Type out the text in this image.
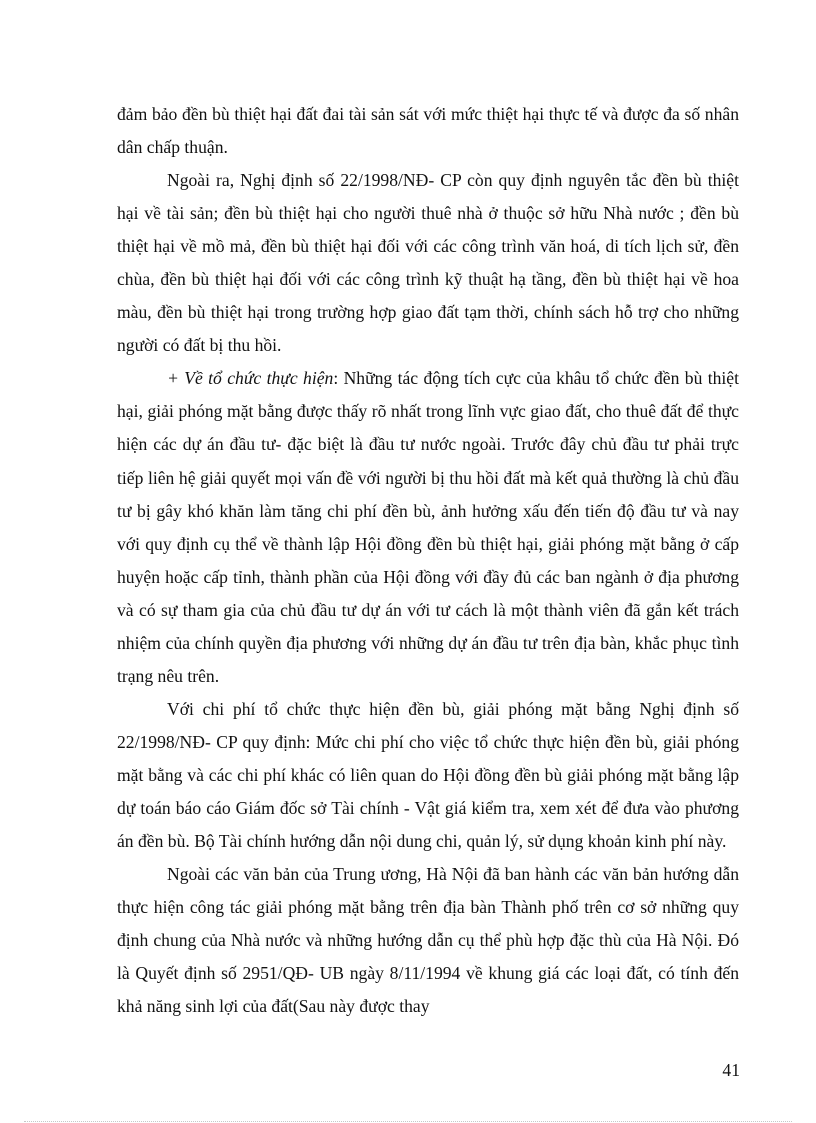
đảm bảo đền bù thiệt hại đất đai tài sản sát với mức thiệt hại thực tế và được đa số nhân dân chấp thuận.

Ngoài ra, Nghị định số 22/1998/NĐ- CP còn quy định nguyên tắc đền bù thiệt hại về tài sản; đền bù thiệt hại cho người thuê nhà ở thuộc sở hữu Nhà nước ; đền bù thiệt hại về mồ mả, đền bù thiệt hại đối với các công trình văn hoá, di tích lịch sử, đền chùa, đền bù thiệt hại đối với các công trình kỹ thuật hạ tầng, đền bù thiệt hại về hoa màu, đền bù thiệt hại trong trường hợp giao đất tạm thời, chính sách hỗ trợ cho những người có đất bị thu hồi.

+ Về tổ chức thực hiện: Những tác động tích cực của khâu tổ chức đền bù thiệt hại, giải phóng mặt bằng được thấy rõ nhất trong lĩnh vực giao đất, cho thuê đất để thực hiện các dự án đầu tư- đặc biệt là đầu tư nước ngoài. Trước đây chủ đầu tư phải trực tiếp liên hệ giải quyết mọi vấn đề với người bị thu hồi đất mà kết quả thường là chủ đầu tư bị gây khó khăn làm tăng chi phí đền bù, ảnh hưởng xấu đến tiến độ đầu tư và nay với quy định cụ thể về thành lập Hội đồng đền bù thiệt hại, giải phóng mặt bằng ở cấp huyện hoặc cấp tỉnh, thành phần của Hội đồng với đầy đủ các ban ngành ở địa phương và có sự tham gia của chủ đầu tư dự án với tư cách là một thành viên đã gắn kết trách nhiệm của chính quyền địa phương với những dự án đầu tư trên địa bàn, khắc phục tình trạng nêu trên.

Với chi phí tổ chức thực hiện đền bù, giải phóng mặt bằng Nghị định số 22/1998/NĐ- CP quy định: Mức chi phí cho việc tổ chức thực hiện đền bù, giải phóng mặt bằng và các chi phí khác có liên quan do Hội đồng đền bù giải phóng mặt bằng lập dự toán báo cáo Giám đốc sở Tài chính - Vật giá kiểm tra, xem xét để đưa vào phương án đền bù. Bộ Tài chính hướng dẫn nội dung chi, quản lý, sử dụng khoản kinh phí này.

Ngoài các văn bản của Trung ương, Hà Nội đã ban hành các văn bản hướng dẫn thực hiện công tác giải phóng mặt bằng trên địa bàn Thành phố trên cơ sở những quy định chung của Nhà nước và những hướng dẫn cụ thể phù hợp đặc thù của Hà Nội. Đó là Quyết định số 2951/QĐ- UB ngày 8/11/1994 về khung giá các loại đất, có tính đến khả năng sinh lợi của đất(Sau này được thay

41
